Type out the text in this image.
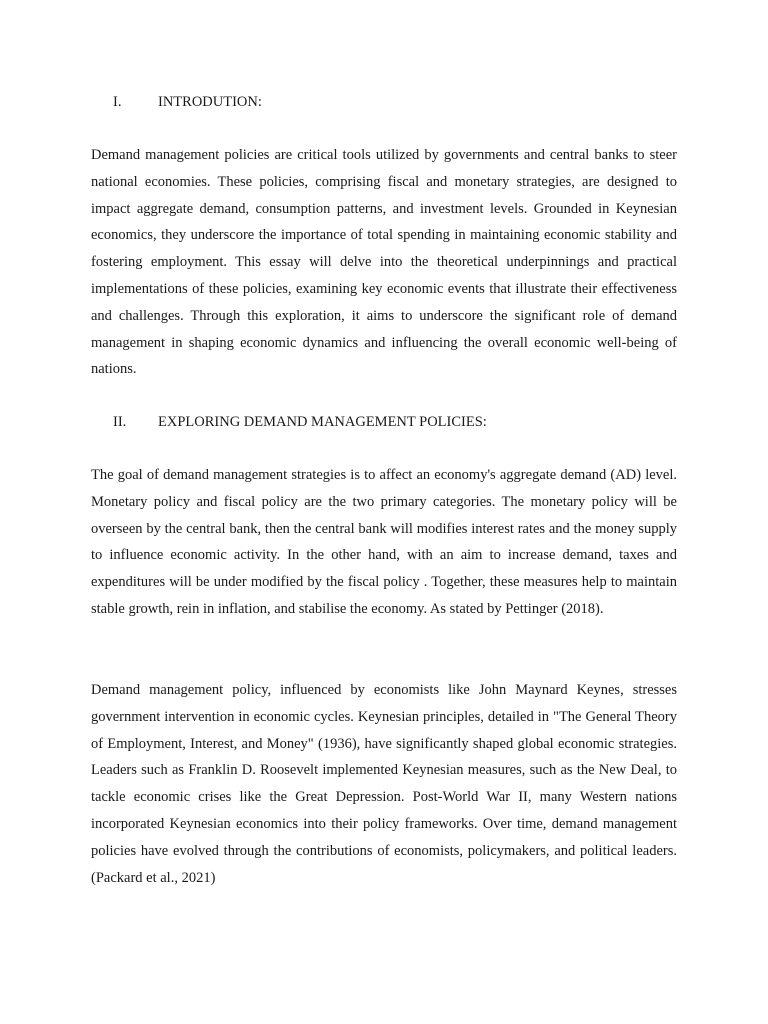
I.	INTRODUTION:

Demand management policies are critical tools utilized by governments and central banks to steer national economies. These policies, comprising fiscal and monetary strategies, are designed to impact aggregate demand, consumption patterns, and investment levels. Grounded in Keynesian economics, they underscore the importance of total spending in maintaining economic stability and fostering employment. This essay will delve into the theoretical underpinnings and practical implementations of these policies, examining key economic events that illustrate their effectiveness and challenges. Through this exploration, it aims to underscore the significant role of demand management in shaping economic dynamics and influencing the overall economic well-being of nations.

II. EXPLORING DEMAND MANAGEMENT POLICIES:

The goal of demand management strategies is to affect an economy's aggregate demand (AD) level. Monetary policy and fiscal policy are the two primary categories. The monetary policy will be overseen by the central bank, then the central bank will modifies interest rates and the money supply to influence economic activity. In the other hand, with an aim to increase demand, taxes and expenditures will be under modified by the fiscal policy . Together, these measures help to maintain stable growth, rein in inflation, and stabilise the economy. As stated by Pettinger (2018).

Demand management policy, influenced by economists like John Maynard Keynes, stresses government intervention in economic cycles. Keynesian principles, detailed in "The General Theory of Employment, Interest, and Money" (1936), have significantly shaped global economic strategies. Leaders such as Franklin D. Roosevelt implemented Keynesian measures, such as the New Deal, to tackle economic crises like the Great Depression. Post-World War II, many Western nations incorporated Keynesian economics into their policy frameworks. Over time, demand management policies have evolved through the contributions of economists, policymakers, and political leaders. (Packard et al., 2021)
